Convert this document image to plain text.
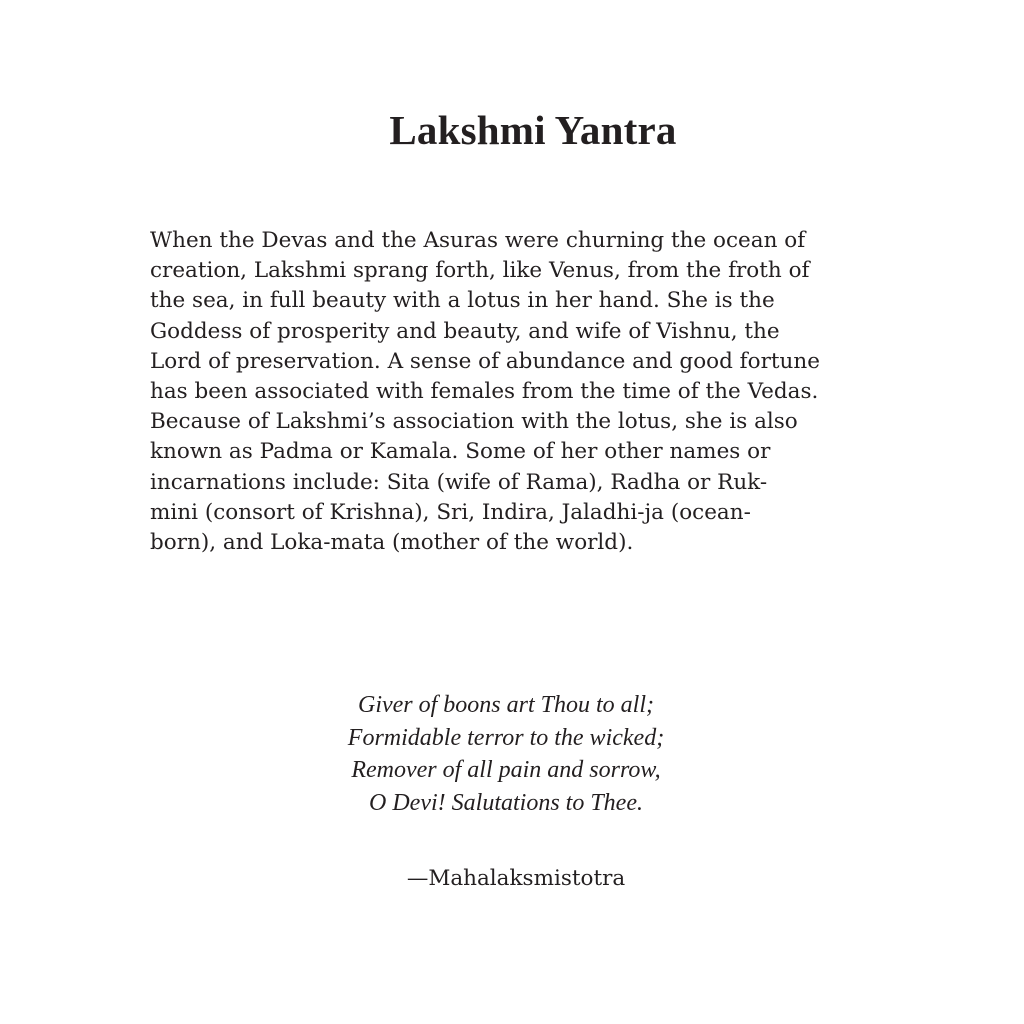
Lakshmi Yantra

When the Devas and the Asuras were churning the ocean of
creation, Lakshmi sprang forth, like Venus, from the froth of
the sea, in full beauty with a lotus in her hand. She is the
Goddess of prosperity and beauty, and wife of Vishnu, the
Lord of preservation. A sense of abundance and good fortune
has been associated with females from the time of the Vedas.
Because of Lakshmi’s association with the lotus, she is also
known as Padma or Kamala. Some of her other names or
incarnations include: Sita (wife of Rama), Radha or Ruk-
mini (consort of Krishna), Sri, Indira, Jaladhi-ja (ocean-
born), and Loka-mata (mother of the world).

Giver of boons art Thou to all;
Formidable terror to the wicked;
Remover of all pain and sorrow,
O Devi! Salutations to Thee.

—Mahalaksmistotra
